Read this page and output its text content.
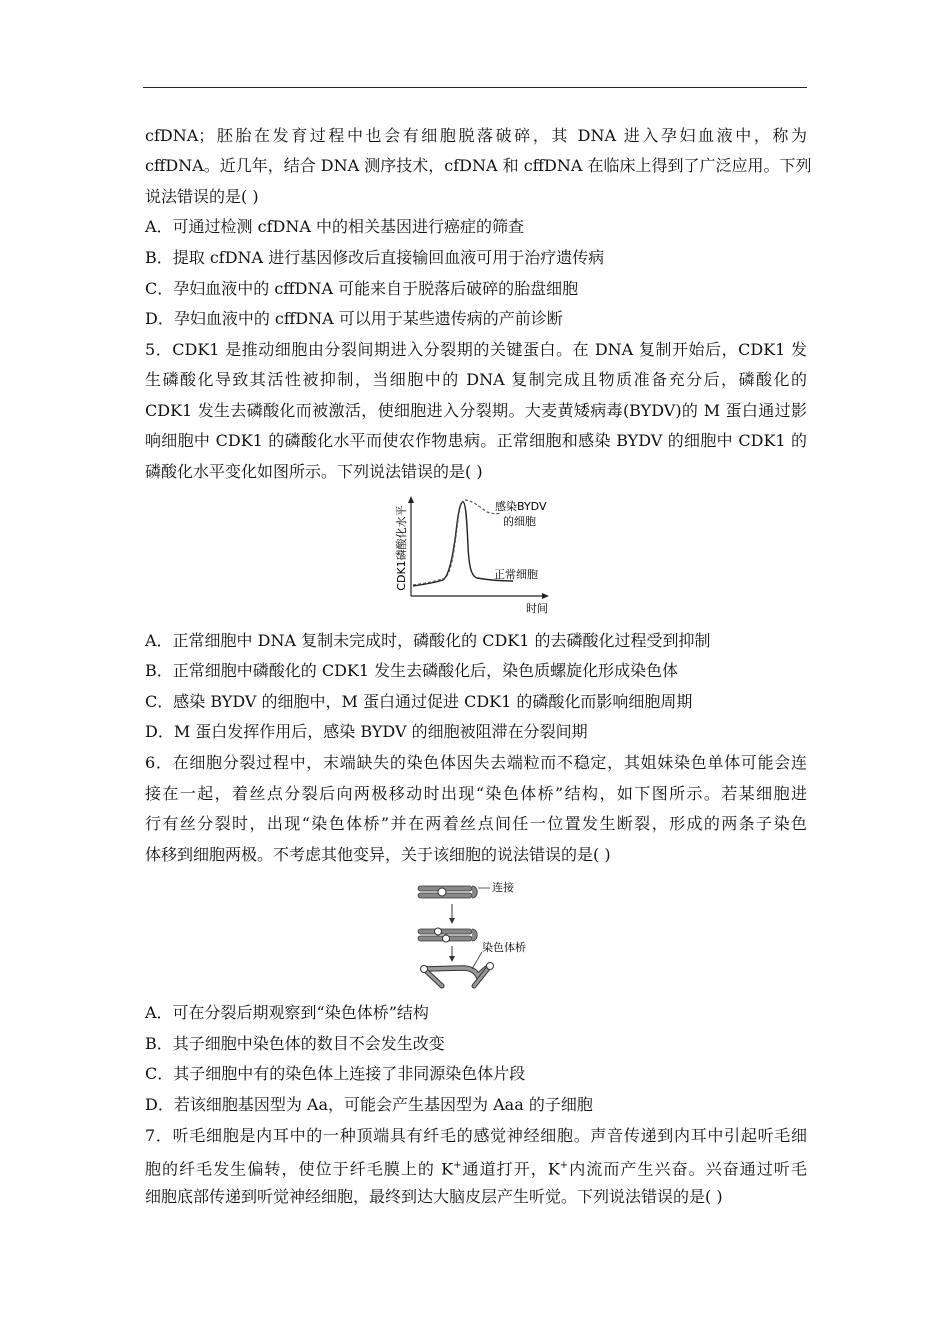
cfDNA；胚胎在发育过程中也会有细胞脱落破碎，其 DNA 进入孕妇血液中，称为
cffDNA。近几年，结合 DNA 测序技术，cfDNA 和 cffDNA 在临床上得到了广泛应用。下列
说法错误的是( )
A．可通过检测 cfDNA 中的相关基因进行癌症的筛查
B．提取 cfDNA 进行基因修改后直接输回血液可用于治疗遗传病
C．孕妇血液中的 cffDNA 可能来自于脱落后破碎的胎盘细胞
D．孕妇血液中的 cffDNA 可以用于某些遗传病的产前诊断
5．CDK1 是推动细胞由分裂间期进入分裂期的关键蛋白。在 DNA 复制开始后，CDK1 发
生磷酸化导致其活性被抑制，当细胞中的 DNA 复制完成且物质准备充分后，磷酸化的
CDK1 发生去磷酸化而被激活，使细胞进入分裂期。大麦黄矮病毒(BYDV)的 M 蛋白通过影
响细胞中 CDK1 的磷酸化水平而使农作物患病。正常细胞和感染 BYDV 的细胞中 CDK1 的
磷酸化水平变化如图所示。下列说法错误的是( )
CDK1磷酸化水平
时间
感染BYDV
的细胞
正常细胞
A．正常细胞中 DNA 复制未完成时，磷酸化的 CDK1 的去磷酸化过程受到抑制
B．正常细胞中磷酸化的 CDK1 发生去磷酸化后，染色质螺旋化形成染色体
C．感染 BYDV 的细胞中，M 蛋白通过促进 CDK1 的磷酸化而影响细胞周期
D．M 蛋白发挥作用后，感染 BYDV 的细胞被阻滞在分裂间期
6．在细胞分裂过程中，末端缺失的染色体因失去端粒而不稳定，其姐妹染色单体可能会连
接在一起，着丝点分裂后向两极移动时出现“染色体桥”结构，如下图所示。若某细胞进
行有丝分裂时，出现“染色体桥”并在两着丝点间任一位置发生断裂，形成的两条子染色
体移到细胞两极。不考虑其他变异，关于该细胞的说法错误的是( )
连接
染色体桥
A．可在分裂后期观察到“染色体桥”结构
B．其子细胞中染色体的数目不会发生改变
C．其子细胞中有的染色体上连接了非同源染色体片段
D．若该细胞基因型为 Aa，可能会产生基因型为 Aaa 的子细胞
7．听毛细胞是内耳中的一种顶端具有纤毛的感觉神经细胞。声音传递到内耳中引起听毛细
胞的纤毛发生偏转，使位于纤毛膜上的 K+通道打开，K+内流而产生兴奋。兴奋通过听毛
细胞底部传递到听觉神经细胞，最终到达大脑皮层产生听觉。下列说法错误的是( )
